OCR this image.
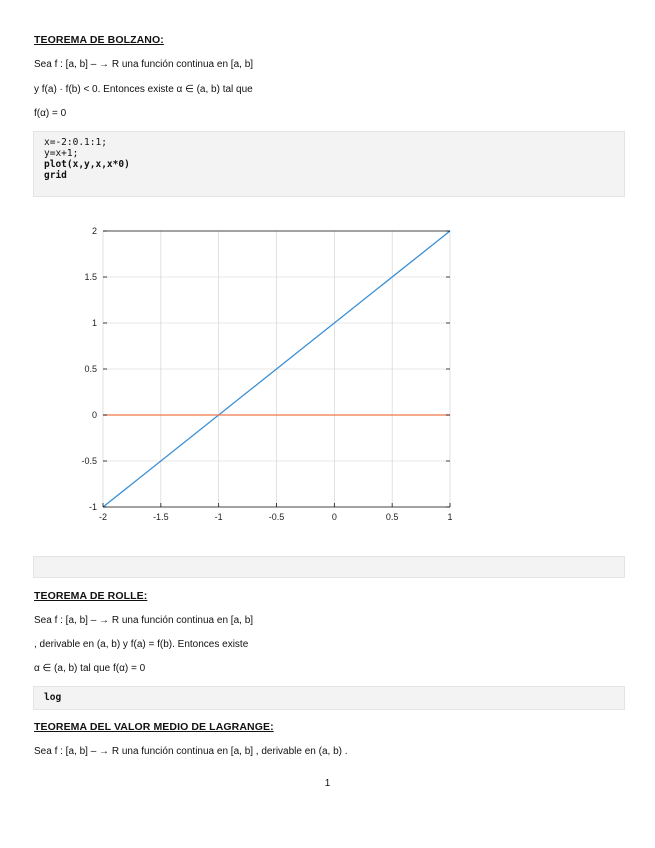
TEOREMA DE BOLZANO:
Sea f : [a, b] – → R una función continua en [a, b]
y f(a) · f(b) < 0. Entonces existe α ∈ (a, b) tal que
f(α) = 0
x=-2:0.1:1;
y=x+1;
plot(x,y,x,x*0)
grid
-2	-1.5	-1	-0.5	0	0.5	1
-1
-0.5
0
0.5
1
1.5
2
TEOREMA DE ROLLE:
Sea f : [a, b] – → R una función continua en [a, b]
, derivable en (a, b) y f(a) = f(b). Entonces existe
α ∈ (a, b) tal que f(α) = 0
log
TEOREMA DEL VALOR MEDIO DE LAGRANGE:
Sea f : [a, b] – → R una función continua en [a, b] , derivable en (a, b) .
1
